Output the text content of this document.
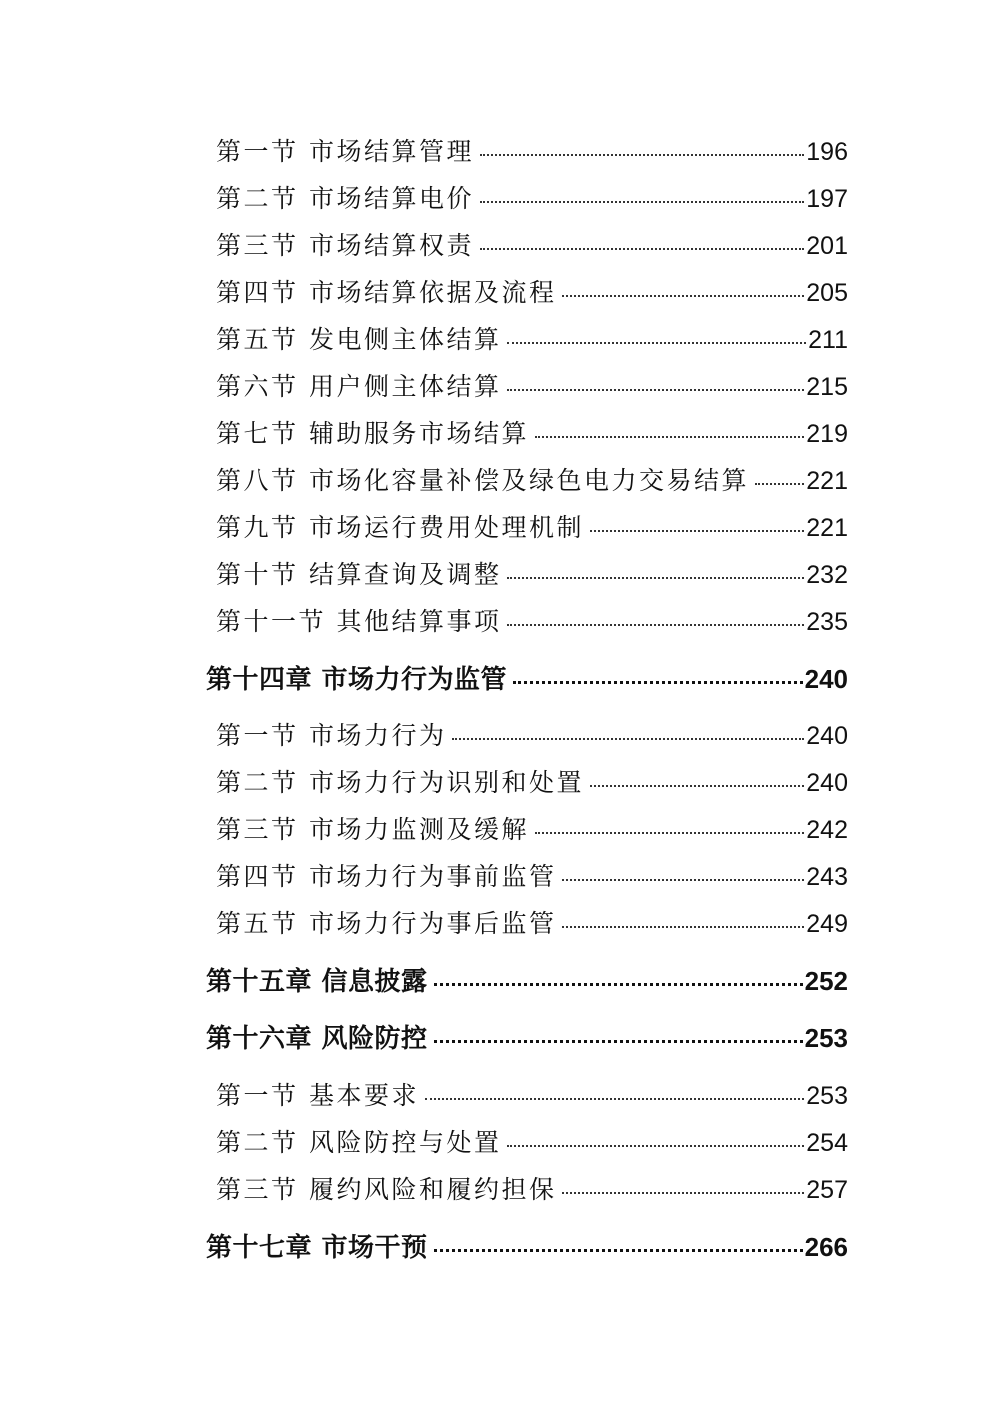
第一节 市场结算管理	196
第二节 市场结算电价	197
第三节 市场结算权责	201
第四节 市场结算依据及流程	205
第五节 发电侧主体结算	211
第六节 用户侧主体结算	215
第七节 辅助服务市场结算	219
第八节 市场化容量补偿及绿色电力交易结算 221
第九节 市场运行费用处理机制	221
第十节 结算查询及调整	232
第十一节 其他结算事项	235
第十四章 市场力行为监管	240
第一节 市场力行为	240
第二节 市场力行为识别和处置	240
第三节 市场力监测及缓解	242
第四节 市场力行为事前监管	243
第五节 市场力行为事后监管	249
第十五章 信息披露	252
第十六章 风险防控	253
第一节 基本要求	253
第二节 风险防控与处置	254
第三节 履约风险和履约担保	257
第十七章 市场干预	266
